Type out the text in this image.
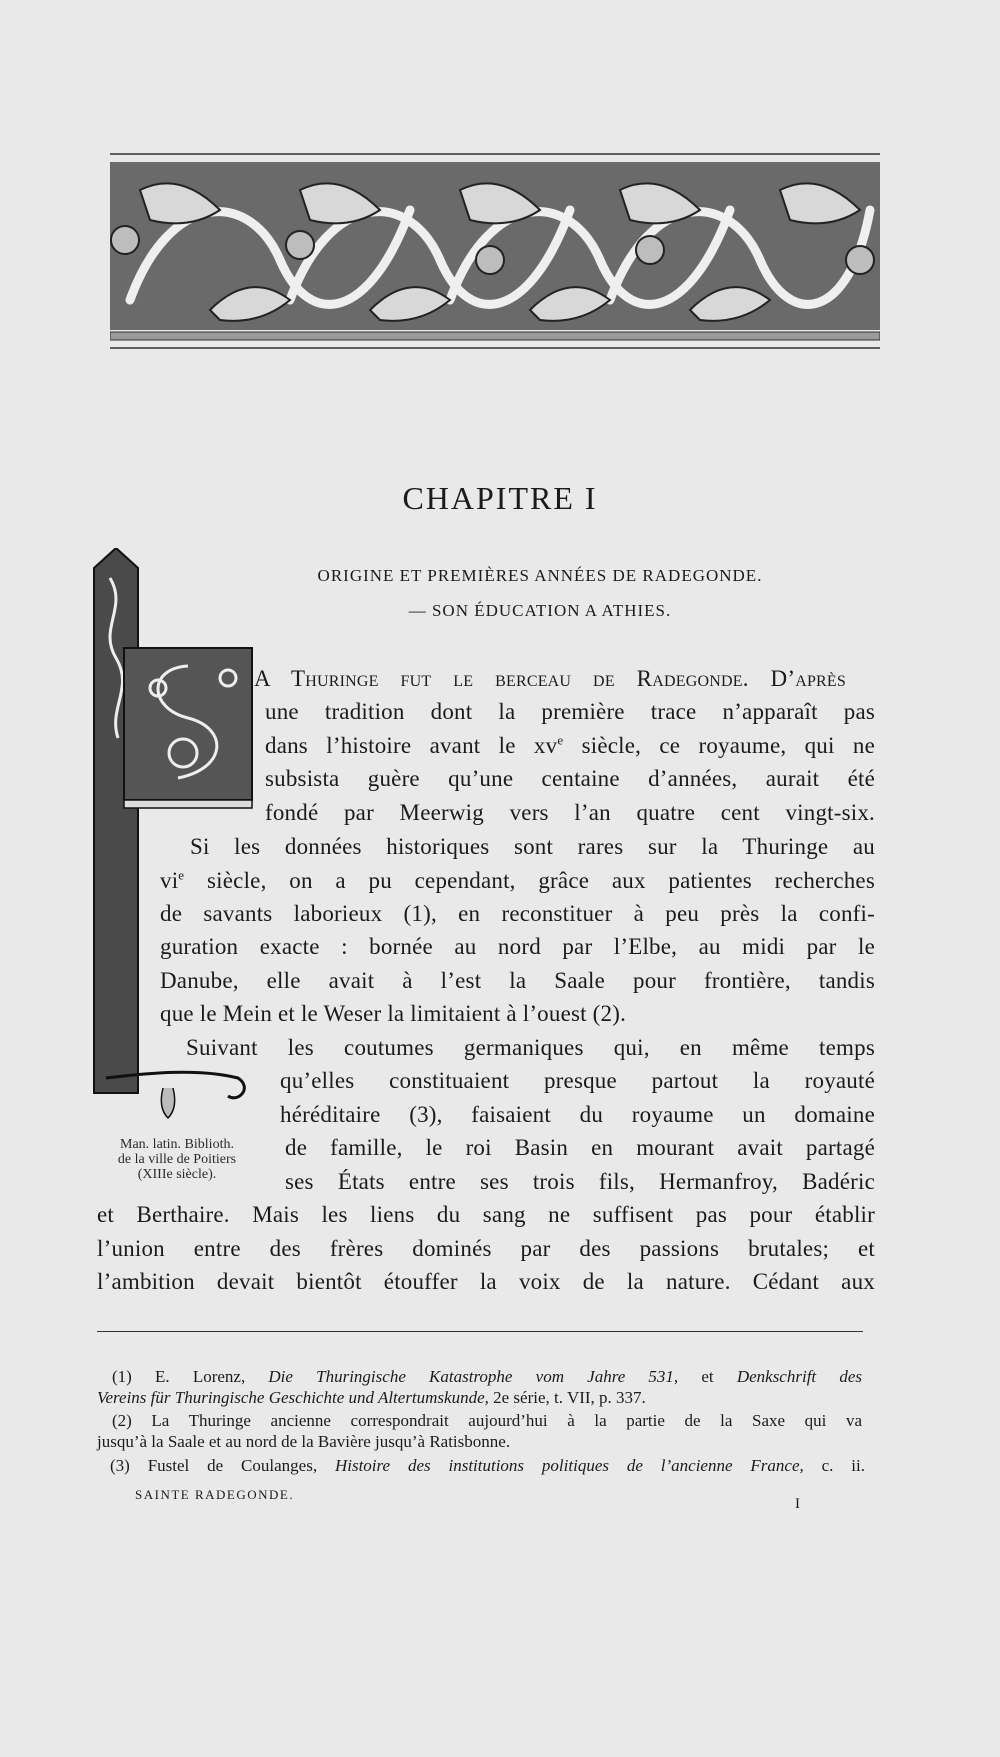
CHAPITRE I
ORIGINE ET PREMIÈRES ANNÉES DE RADEGONDE.
— SON ÉDUCATION A ATHIES.
Man. latin. Biblioth.
de la ville de Poitiers
(XIIIe siècle).
A Thuringe fut le berceau de Radegonde. D’après
une tradition dont la première trace n’apparaît pas
dans l’histoire avant le $xv^e$ siècle, ce royaume, qui ne
subsista guère qu’une centaine d’années, aurait été
fondé par Meerwig vers l’an quatre cent vingt-six.
Si les données historiques sont rares sur la Thuringe au
$vi^e$ siècle, on a pu cependant, grâce aux patientes recherches
de savants laborieux (1), en reconstituer à peu près la confi-
guration exacte : bornée au nord par l’Elbe, au midi par le
Danube, elle avait à l’est la Saale pour frontière, tandis
que le Mein et le Weser la limitaient à l’ouest (2).
Suivant les coutumes germaniques qui, en même temps
qu’elles constituaient presque partout la royauté
héréditaire (3), faisaient du royaume un domaine
de famille, le roi Basin en mourant avait partagé
ses États entre ses trois fils, Hermanfroy, Badéric
et Berthaire. Mais les liens du sang ne suffisent pas pour établir
l’union entre des frères dominés par des passions brutales; et
l’ambition devait bientôt étouffer la voix de la nature. Cédant aux
(1) E. Lorenz, Die Thuringische Katastrophe vom Jahre 531, et Denkschrift des
Vereins für Thuringische Geschichte und Altertumskunde, 2e série, t. VII, p. 337.
(2) La Thuringe ancienne correspondrait aujourd’hui à la partie de la Saxe qui va
jusqu’à la Saale et au nord de la Bavière jusqu’à Ratisbonne.
(3) Fustel de Coulanges, Histoire des institutions politiques de l’ancienne France, c. ii.
SAINTE RADEGONDE.
I
